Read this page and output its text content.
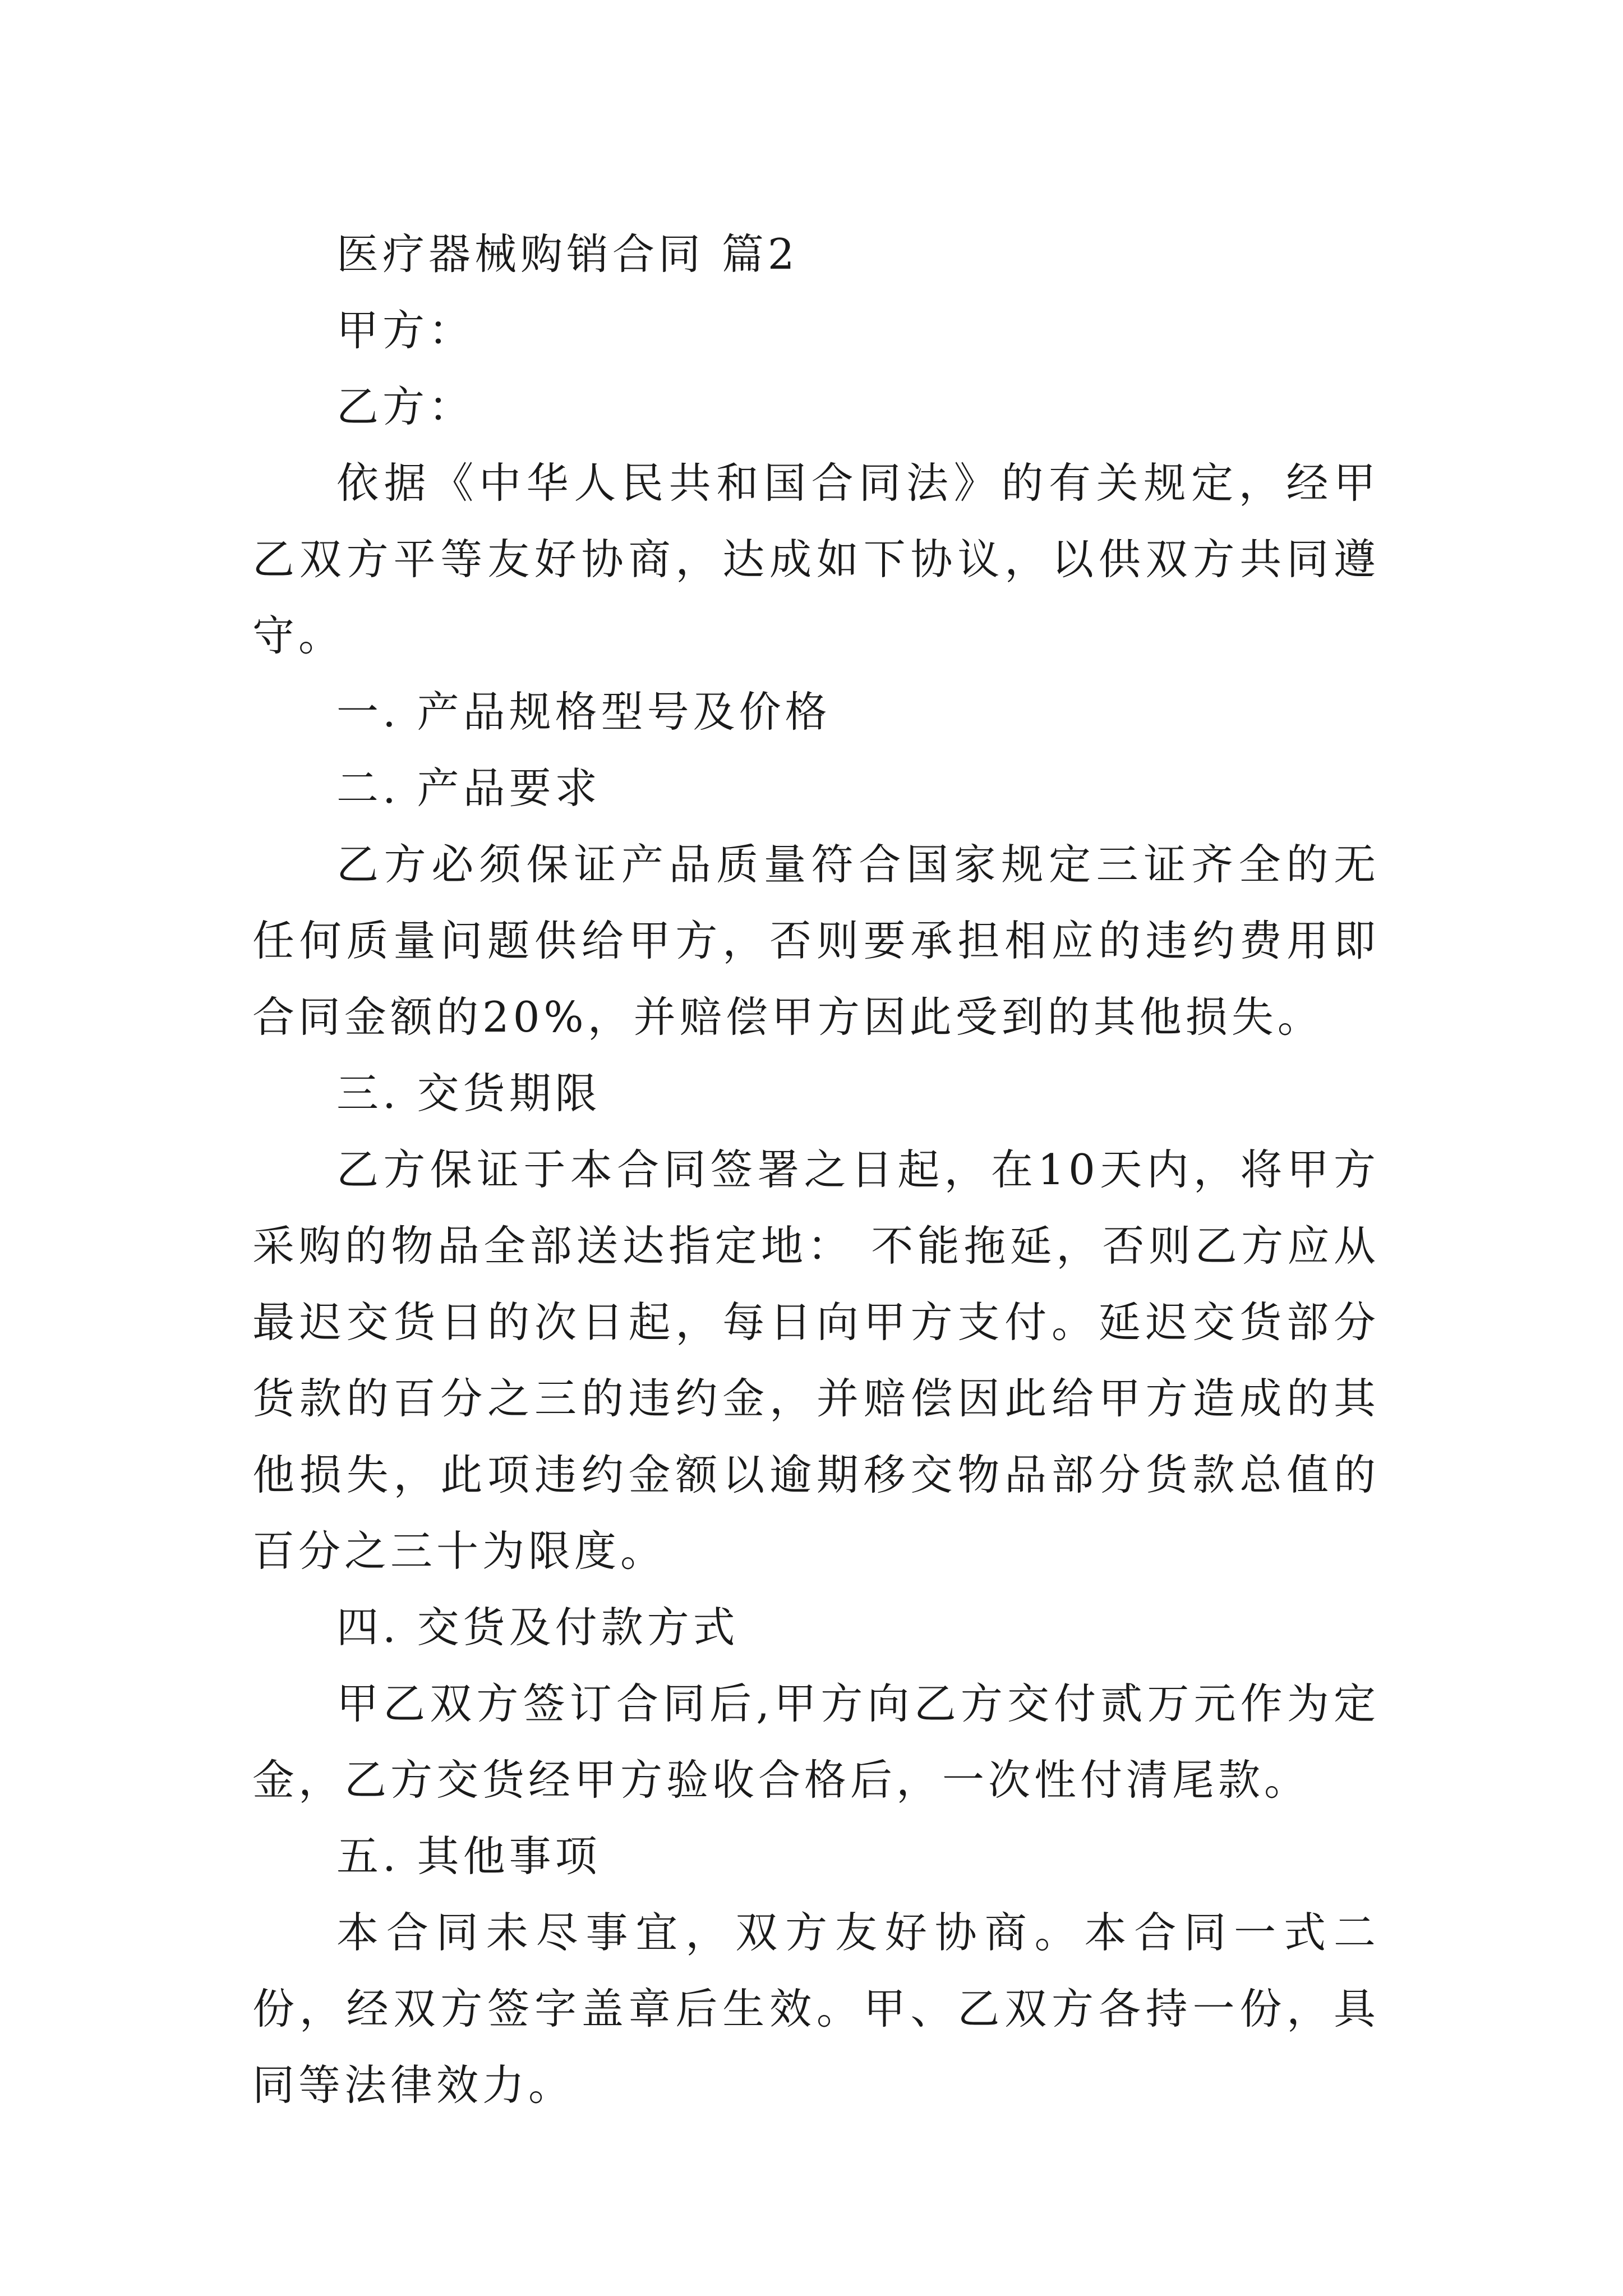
医疗器械购销合同 篇2

甲方：

乙方：

依据《中华人民共和国合同法》的有关规定，经甲乙双方平等友好协商，达成如下协议，以供双方共同遵守。

一. 产品规格型号及价格

二. 产品要求

乙方必须保证产品质量符合国家规定三证齐全的无任何质量问题供给甲方，否则要承担相应的违约费用即合同金额的20%，并赔偿甲方因此受到的其他损失。

三. 交货期限

乙方保证于本合同签署之日起，在10天内，将甲方采购的物品全部送达指定地： 不能拖延，否则乙方应从最迟交货日的次日起，每日向甲方支付。延迟交货部分货款的百分之三的违约金，并赔偿因此给甲方造成的其他损失，此项违约金额以逾期移交物品部分货款总值的百分之三十为限度。

四. 交货及付款方式

甲乙双方签订合同后,甲方向乙方交付贰万元作为定金，乙方交货经甲方验收合格后，一次性付清尾款。

五. 其他事项

本合同未尽事宜，双方友好协商。本合同一式二份，经双方签字盖章后生效。甲、乙双方各持一份，具同等法律效力。
